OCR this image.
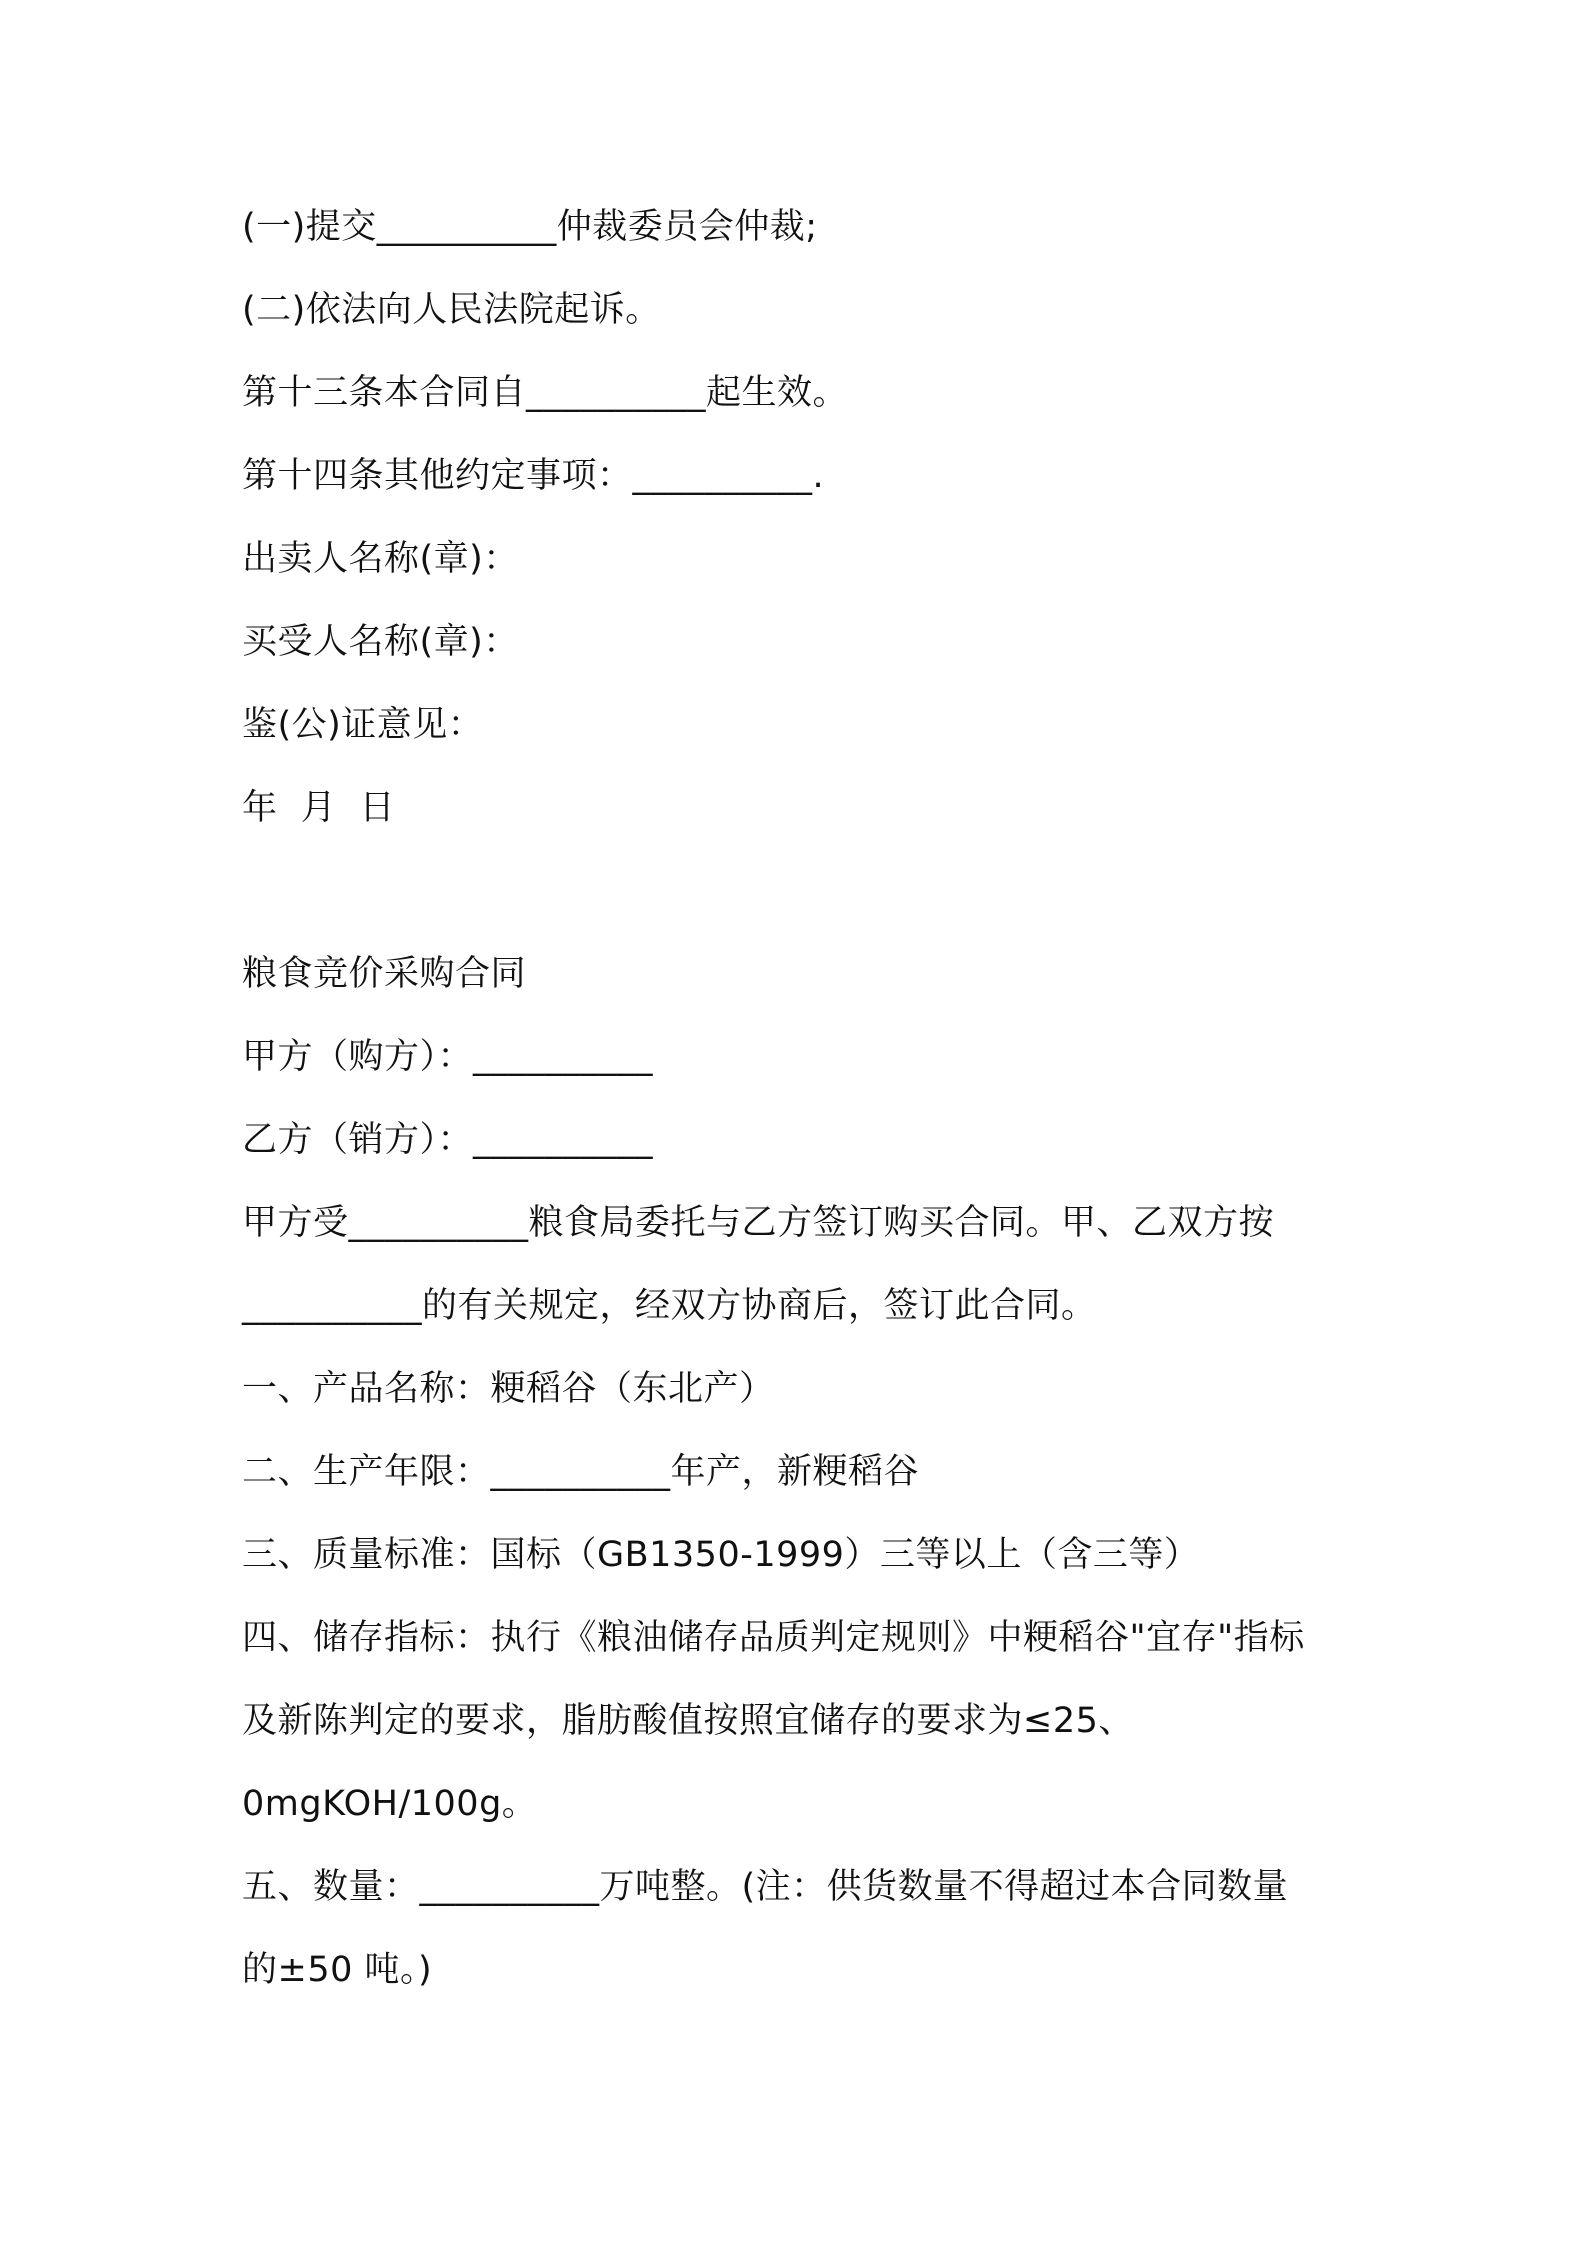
(一)提交__________仲裁委员会仲裁;
(二)依法向人民法院起诉。
第十三条本合同自__________起生效。
第十四条其他约定事项：__________.
出卖人名称(章)：
买受人名称(章)：
鉴(公)证意见：
年  月  日
粮食竞价采购合同
甲方（购方）：__________
乙方（销方）：__________
甲方受__________粮食局委托与乙方签订购买合同。甲、乙双方按
__________的有关规定，经双方协商后，签订此合同。
一、产品名称：粳稻谷（东北产）
二、生产年限：__________年产，新粳稻谷
三、质量标准：国标（GB1350-1999）三等以上（含三等）
四、储存指标：执行《粮油储存品质判定规则》中粳稻谷"宜存"指标
及新陈判定的要求，脂肪酸值按照宜储存的要求为≤25、
0mgKOH/100g。
五、数量：__________万吨整。(注：供货数量不得超过本合同数量
的±50 吨。)
